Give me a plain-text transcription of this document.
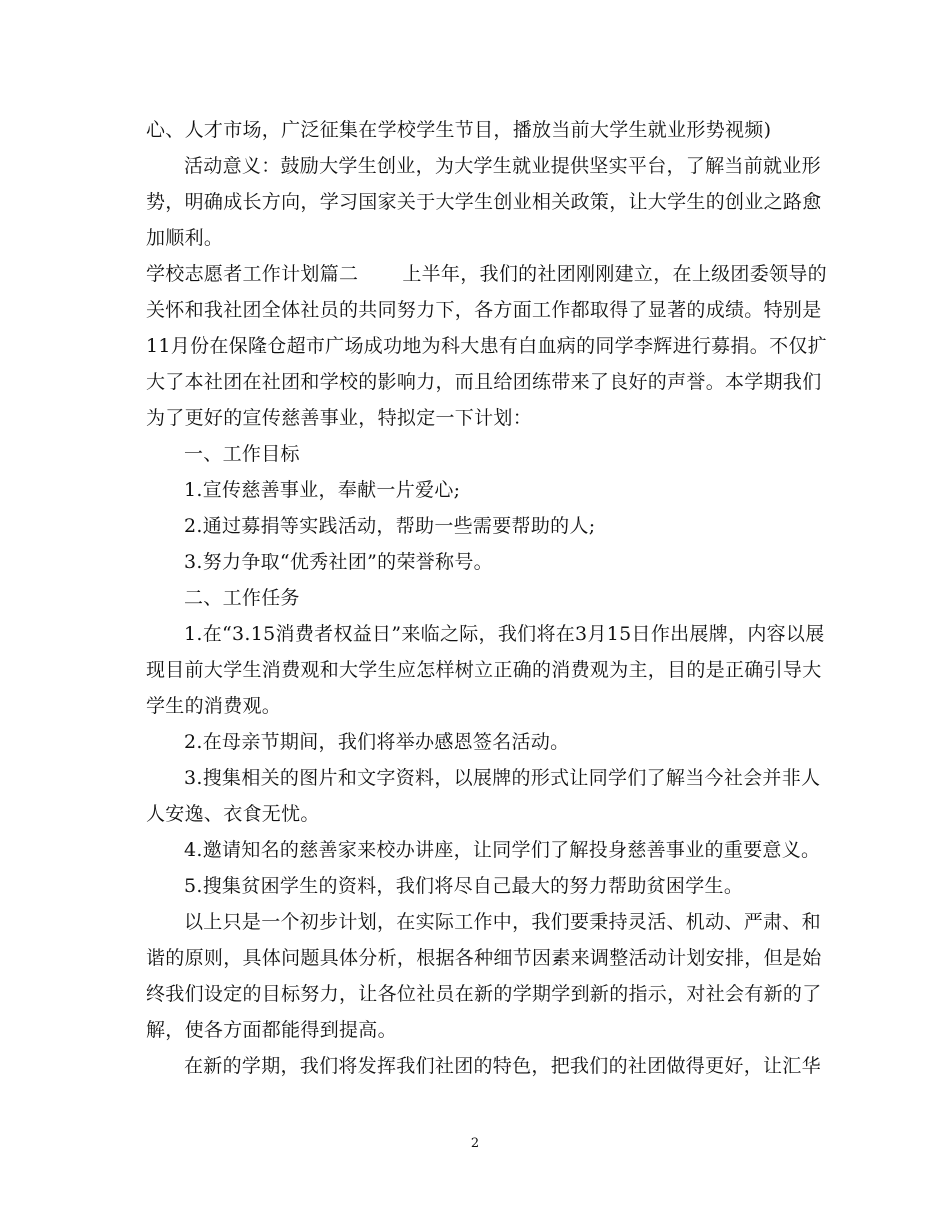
心、人才市场，广泛征集在学校学生节目，播放当前大学生就业形势视频)
活动意义：鼓励大学生创业，为大学生就业提供坚实平台，了解当前就业形
势，明确成长方向，学习国家关于大学生创业相关政策，让大学生的创业之路愈
加顺利。
学校志愿者工作计划篇二 上半年，我们的社团刚刚建立，在上级团委领导的
关怀和我社团全体社员的共同努力下，各方面工作都取得了显著的成绩。特别是
11月份在保隆仓超市广场成功地为科大患有白血病的同学李辉进行募捐。不仅扩
大了本社团在社团和学校的影响力，而且给团练带来了良好的声誉。本学期我们
为了更好的宣传慈善事业，特拟定一下计划：
一、工作目标
1.宣传慈善事业，奉献一片爱心;
2.通过募捐等实践活动，帮助一些需要帮助的人;
3.努力争取“优秀社团”的荣誉称号。
二、工作任务
1.在“3.15消费者权益日”来临之际，我们将在3月15日作出展牌，内容以展
现目前大学生消费观和大学生应怎样树立正确的消费观为主，目的是正确引导大
学生的消费观。
2.在母亲节期间，我们将举办感恩签名活动。
3.搜集相关的图片和文字资料，以展牌的形式让同学们了解当今社会并非人
人安逸、衣食无忧。
4.邀请知名的慈善家来校办讲座，让同学们了解投身慈善事业的重要意义。
5.搜集贫困学生的资料，我们将尽自己最大的努力帮助贫困学生。
以上只是一个初步计划，在实际工作中，我们要秉持灵活、机动、严肃、和
谐的原则，具体问题具体分析，根据各种细节因素来调整活动计划安排，但是始
终我们设定的目标努力，让各位社员在新的学期学到新的指示，对社会有新的了
解，使各方面都能得到提高。
在新的学期，我们将发挥我们社团的特色，把我们的社团做得更好，让汇华
2
